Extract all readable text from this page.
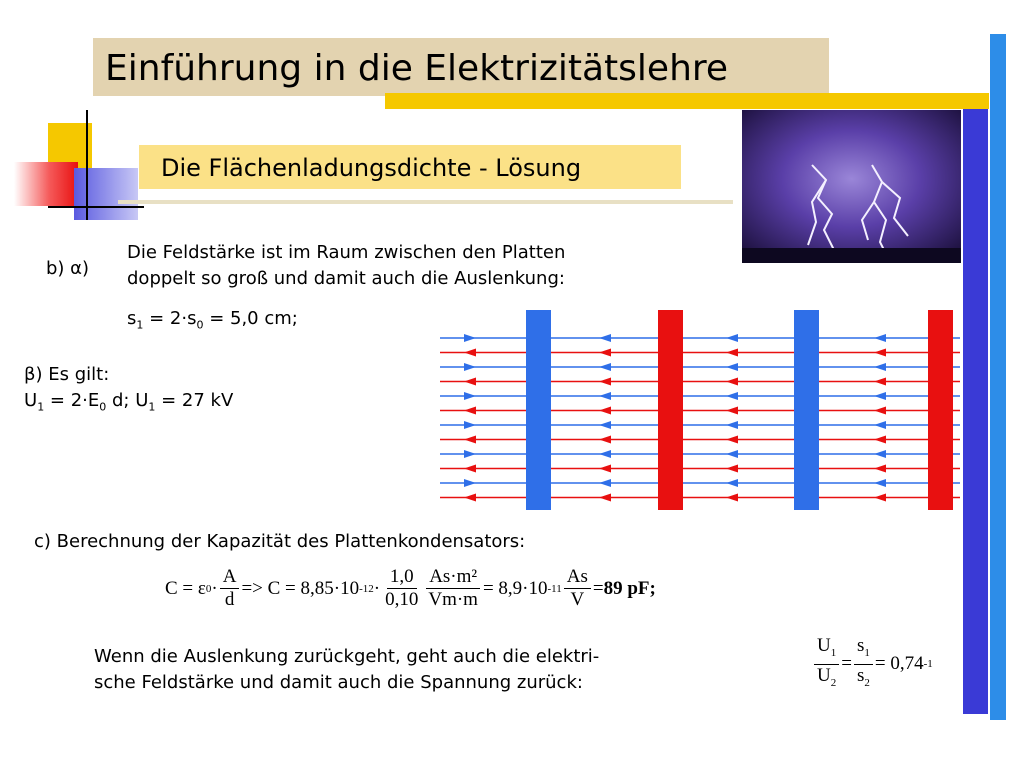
Einführung in die Elektrizitätslehre
Die Flächenladungsdichte - Lösung
b) α)
Die Feldstärke ist im Raum zwischen den Platten
doppelt so groß und damit auch die Auslenkung:
$s_1 = 2\cdot s_0 = 5,0$ cm;
β) Es gilt:
$U_1 = 2\cdot E_0$ d; $U_1 = 27$ kV
c) Berechnung der Kapazität des Plattenkondensators:
C = ε $0 \cdot \frac{A}{d} => C = 8,85\cdot 10$ $-12 \cdot \frac{1,0}{0,10} \frac{\text{As·m²}}{Vm\cdot m} = 8,9\cdot 10$ $-11 \frac{As}{V} = 89$ pF;
Wenn die Auslenkung zurückgeht, geht auch die elektri-
sche Feldstärke und damit auch die Spannung zurück:	$\frac{U_1}{U_2} = \frac{s_1}{s_2} = 0,74$ -1
